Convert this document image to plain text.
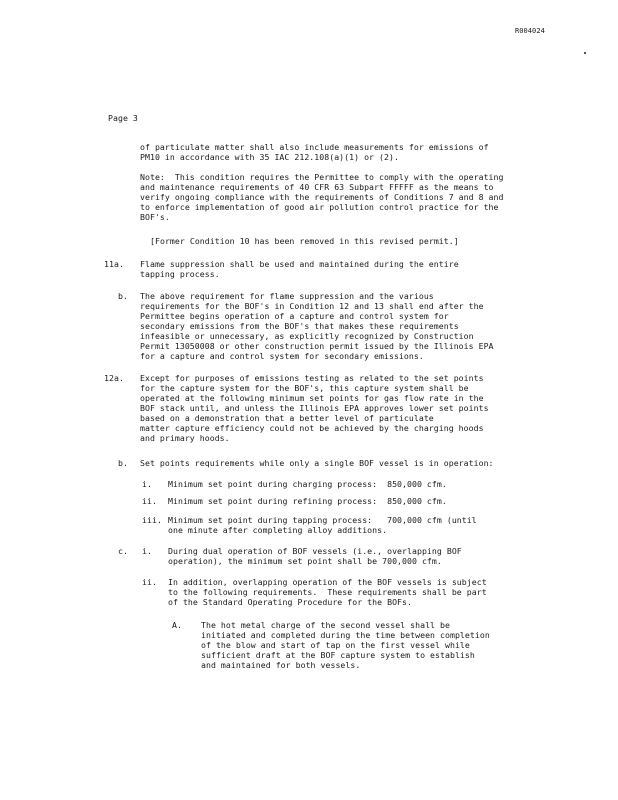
R004024
Page 3
of particulate matter shall also include measurements for emissions of
PM10 in accordance with 35 IAC 212.108(a)(1) or (2).
Note:  This condition requires the Permittee to comply with the operating
and maintenance requirements of 40 CFR 63 Subpart FFFFF as the means to
verify ongoing compliance with the requirements of Conditions 7 and 8 and
to enforce implementation of good air pollution control practice for the
BOF's.
[Former Condition 10 has been removed in this revised permit.]
11a. Flame suppression shall be used and maintained during the entire
tapping process.
b. The above requirement for flame suppression and the various
requirements for the BOF's in Condition 12 and 13 shall end after the
Permittee begins operation of a capture and control system for
secondary emissions from the BOF's that makes these requirements
infeasible or unnecessary, as explicitly recognized by Construction
Permit 13050008 or other construction permit issued by the Illinois EPA
for a capture and control system for secondary emissions.
12a. Except for purposes of emissions testing as related to the set points
for the capture system for the BOF's, this capture system shall be
operated at the following minimum set points for gas flow rate in the
BOF stack until, and unless the Illinois EPA approves lower set points
based on a demonstration that a better level of particulate
matter capture efficiency could not be achieved by the charging hoods
and primary hoods.
b. Set points requirements while only a single BOF vessel is in operation:
i. Minimum set point during charging process:  850,000 cfm.
ii. Minimum set point during refining process:  850,000 cfm.
iii. Minimum set point during tapping process:   700,000 cfm (until
one minute after completing alloy additions.
c. i. During dual operation of BOF vessels (i.e., overlapping BOF
operation), the minimum set point shall be 700,000 cfm.
ii. In addition, overlapping operation of the BOF vessels is subject
to the following requirements.  These requirements shall be part
of the Standard Operating Procedure for the BOFs.
A. The hot metal charge of the second vessel shall be
initiated and completed during the time between completion
of the blow and start of tap on the first vessel while
sufficient draft at the BOF capture system to establish
and maintained for both vessels.
